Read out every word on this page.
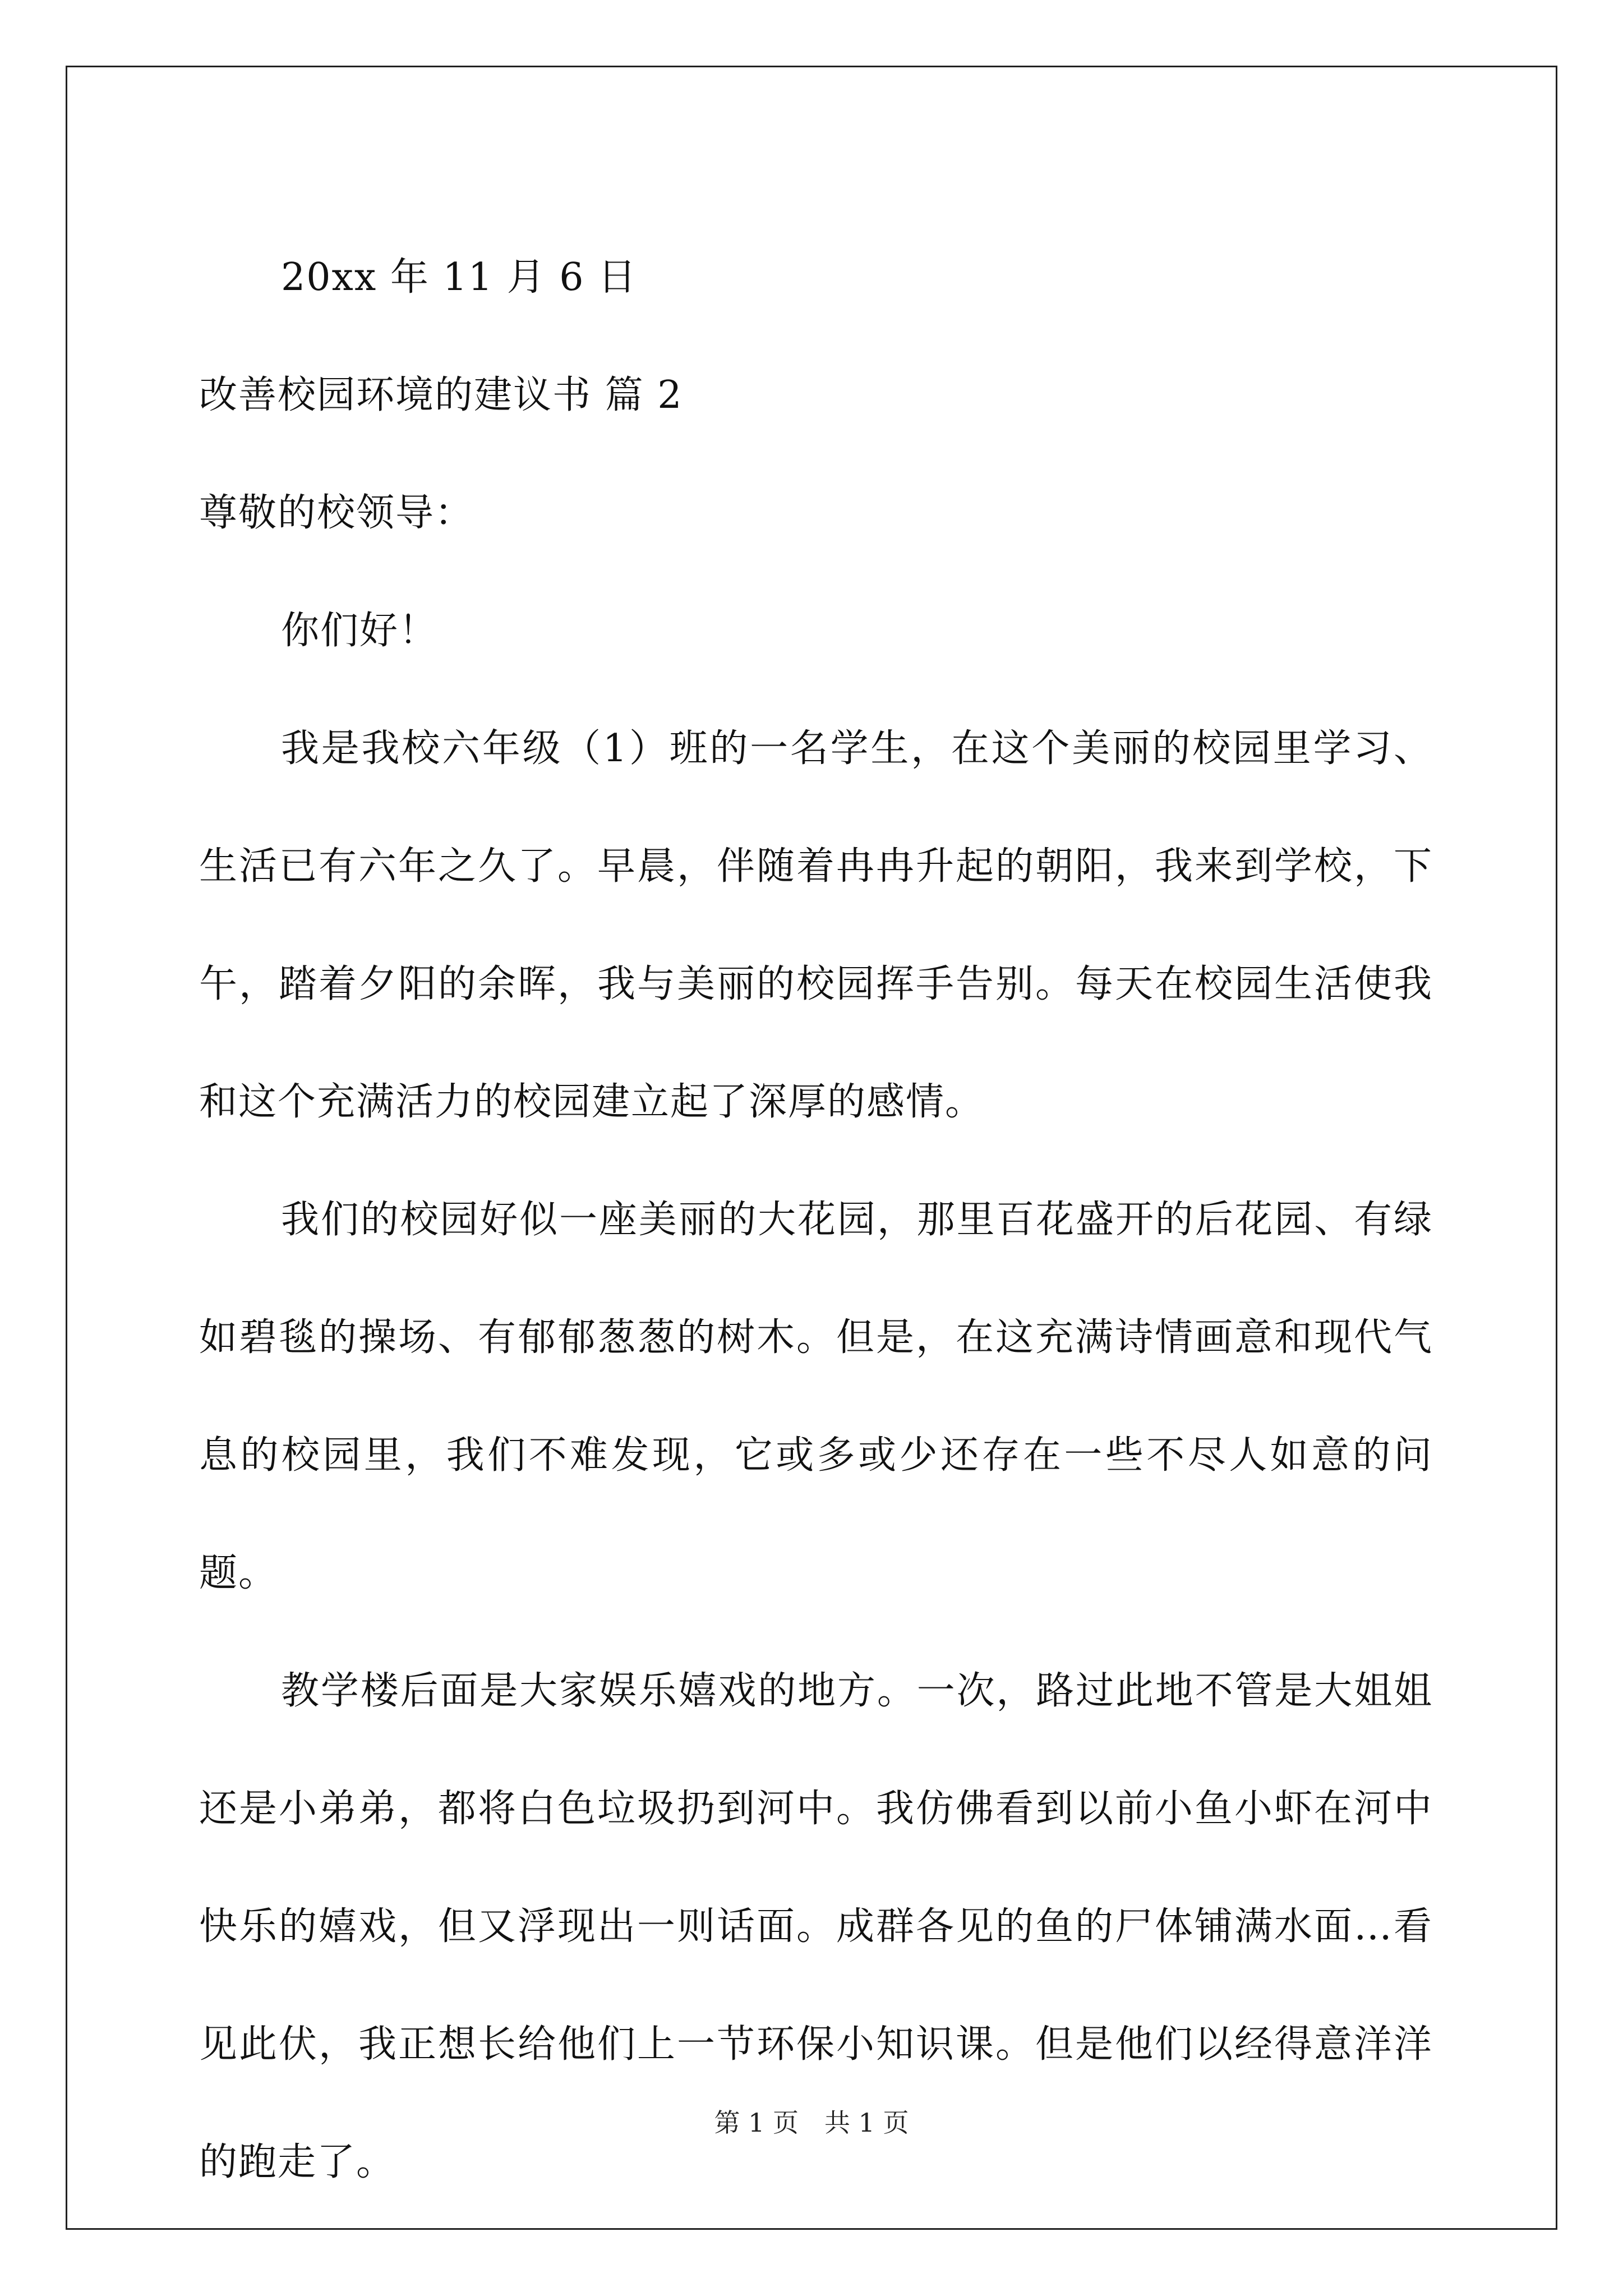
20xx 年 11 月 6 日
改善校园环境的建议书 篇 2
尊敬的校领导：
你们好！

我是我校六年级（1）班的一名学生，在这个美丽的校园里学习、生活已有六年之久了。早晨，伴随着冉冉升起的朝阳，我来到学校，下午，踏着夕阳的余晖，我与美丽的校园挥手告别。每天在校园生活使我和这个充满活力的校园建立起了深厚的感情。

我们的校园好似一座美丽的大花园，那里百花盛开的后花园、有绿如碧毯的操场、有郁郁葱葱的树木。但是，在这充满诗情画意和现代气息的校园里，我们不难发现，它或多或少还存在一些不尽人如意的问题。

教学楼后面是大家娱乐嬉戏的地方。一次，路过此地不管是大姐姐还是小弟弟，都将白色垃圾扔到河中。我仿佛看到以前小鱼小虾在河中快乐的嬉戏，但又浮现出一则话面。成群各见的鱼的尸体铺满水面…看见此伏，我正想长给他们上一节环保小知识课。但是他们以经得意洋洋的跑走了。

第 1 页　共 1 页
